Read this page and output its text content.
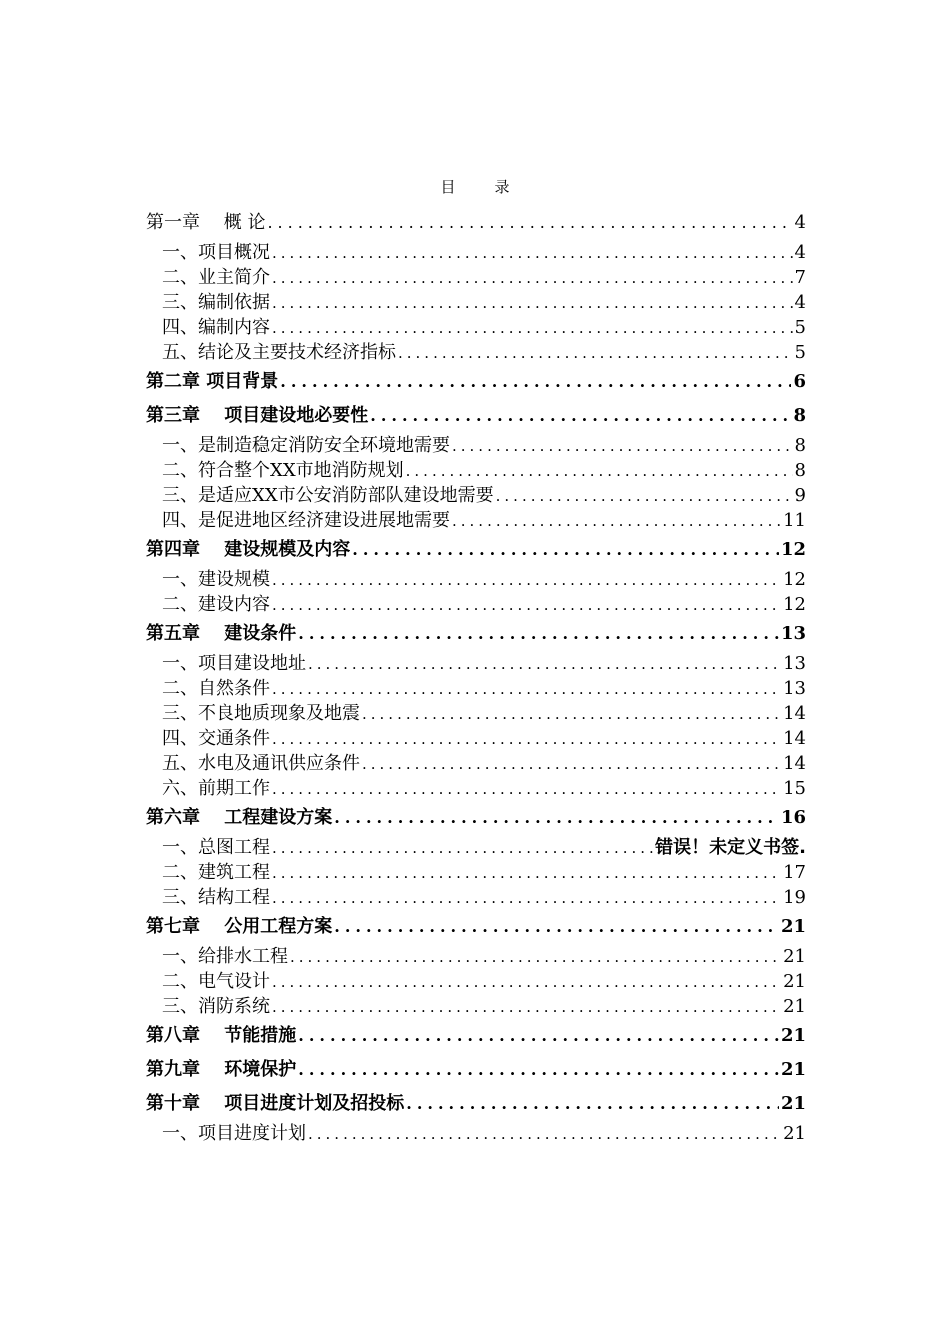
目　录
第一章　 概 论 .....	4
一、项目概况 .....	4
二、业主简介 .....	7
三、编制依据 .....	4
四、编制内容 .....	5
五、结论及主要技术经济指标 .....	5
第二章 项目背景 .....	6
第三章　 项目建设地必要性 .....	8
一、是制造稳定消防安全环境地需要 .....	8
二、符合整个XX市地消防规划 .....	8
三、是适应XX市公安消防部队建设地需要 .....	9
四、是促进地区经济建设进展地需要 .....	11
第四章　 建设规模及内容 .....	12
一、建设规模 .....	12
二、建设内容 .....	12
第五章　 建设条件 .....	13
一、项目建设地址 .....	13
二、自然条件 .....	13
三、不良地质现象及地震 .....	14
四、交通条件 .....	14
五、水电及通讯供应条件 .....	14
六、前期工作 .....	15
第六章　 工程建设方案 .....	16
一、总图工程 .....	错误！未定义书签.
二、建筑工程 .....	17
三、结构工程 .....	19
第七章　 公用工程方案 .....	21
一、给排水工程 .....	21
二、电气设计 .....	21
三、消防系统 .....	21
第八章　 节能措施 .....	21
第九章　 环境保护 .....	21
第十章　 项目进度计划及招投标 .....	21
一、项目进度计划 .....	21
